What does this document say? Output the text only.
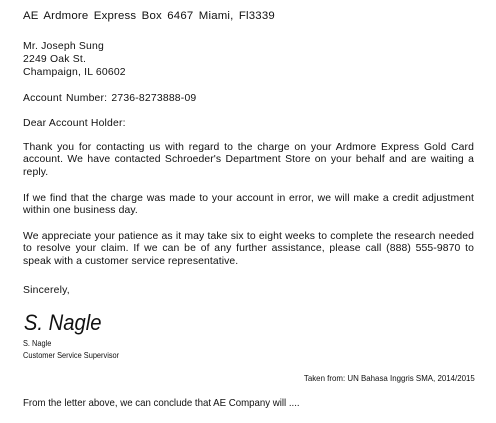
AE Ardmore Express Box 6467 Miami, Fl3339
Mr. Joseph Sung
2249 Oak St.
Champaign, IL 60602
Account Number: 2736-8273888-09
Dear Account Holder:
Thank you for contacting us with regard to the charge on your Ardmore Express Gold Card account. We have contacted Schroeder's Department Store on your behalf and are waiting a reply.
If we find that the charge was made to your account in error, we will make a credit adjustment within one business day.
We appreciate your patience as it may take six to eight weeks to complete the research needed to resolve your claim. If we can be of any further assistance, please call (888) 555-9870 to speak with a customer service representative.
Sincerely,
S. Nagle
S. Nagle
Customer Service Supervisor
Taken from: UN Bahasa Inggris SMA, 2014/2015
From the letter above, we can conclude that AE Company will ....
